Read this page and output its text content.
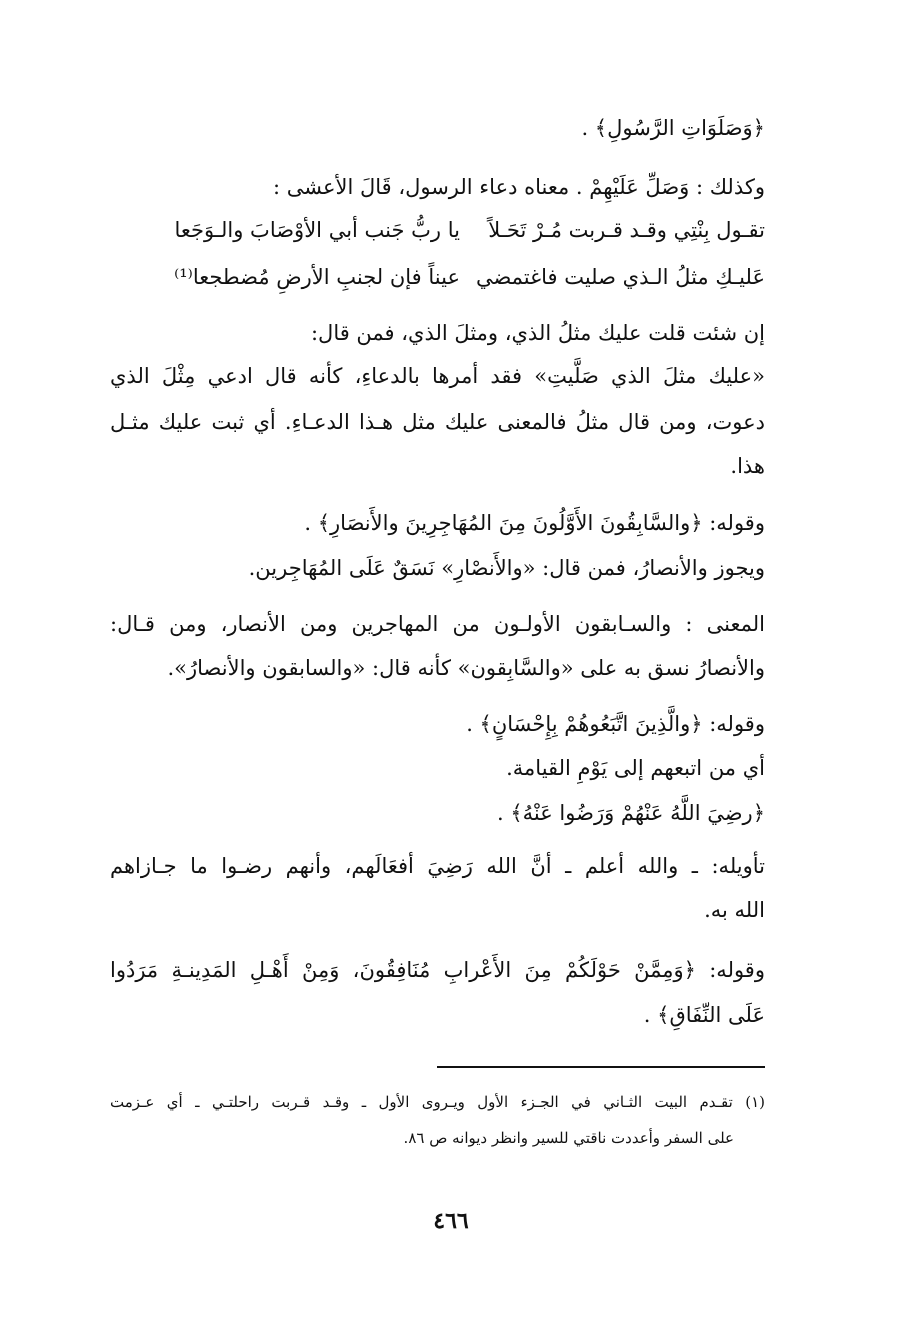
﴿وَصَلَوَاتِ الرَّسُولِ﴾ .
وكذلك : وَصَلِّ عَلَيْهِمْ . معناه دعاء الرسول، قَالَ الأعشى :
تقـول بِنْتِي وقـد قـربت مُـرْ تَحَـلاً
يا ربُّ جَنب أبي الأوْصَابَ والـوَجَعا
عَليـكِ مثلُ الـذي صليت فاغتمضي
عيناً فإن لجنبِ الأرضِ مُضطجعا⁽¹⁾
إن شئت قلت عليك مثلُ الذي، ومثلَ الذي، فمن قال:
«عليك مثلَ الذي صَلَّيتِ» فقد أمرها بالدعاءِ، كأنه قال ادعي مِثْلَ الذي
دعوت، ومن قال مثلُ فالمعنى عليك مثل هـذا الدعـاءِ. أي ثبت عليك مثـل
هذا.
وقوله: ﴿والسَّابِقُونَ الأَوَّلُونَ مِنَ المُهَاجِرِينَ والأَنصَارِ﴾ .
ويجوز والأنصارُ، فمن قال: «والأَنصْارِ» نَسَقٌ عَلَى المُهَاجِرين.
المعنى : والسـابقون الأولـون من المهاجرين ومن الأنصار، ومن قـال:
والأنصارُ نسق به على «والسَّابِقون» كأنه قال: «والسابقون والأنصارُ».
وقوله: ﴿والَّذِينَ اتَّبَعُوهُمْ بِإِحْسَانٍ﴾ .
أي من اتبعهم إلى يَوْمِ القيامة.
﴿رضِيَ اللَّهُ عَنْهُمْ وَرَضُوا عَنْهُ﴾ .
تأويله: ـ والله أعلم ـ أنَّ الله رَضِيَ أفعَالَهم، وأنهم رضـوا ما جـازاهم
الله به.
وقوله: ﴿وَمِمَّنْ حَوْلَكُمْ مِنَ الأَعْرابِ مُنَافِقُونَ، وَمِنْ أَهْـلِ المَدِينـةِ مَرَدُوا
عَلَى النِّفَاقِ﴾ .
(١) تقـدم البيت الثـاني في الجـزء الأول ويـروى الأول ـ وقـد قـربت راحلتـي ـ أي عـزمت
على السفر وأعددت ناقتي للسير وانظر ديوانه ص ٨٦.
٤٦٦
